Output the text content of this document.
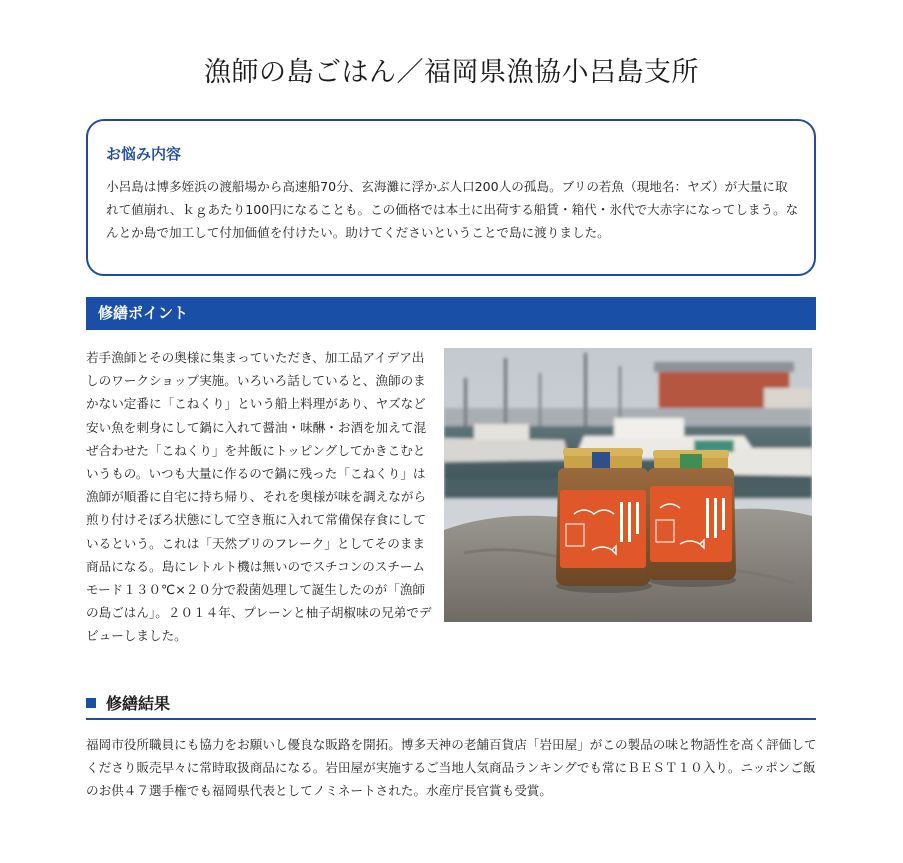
漁師の島ごはん／福岡県漁協小呂島支所
お悩み内容
小呂島は博多姪浜の渡船場から高速船70分、玄海灘に浮かぶ人口200人の孤島。ブリの若魚（現地名：ヤズ）が大量に取れて値崩れ、ｋｇあたり100円になることも。この価格では本土に出荷する船賃・箱代・氷代で大赤字になってしまう。なんとか島で加工して付加価値を付けたい。助けてくださいということで島に渡りました。
修繕ポイント
若手漁師とその奥様に集まっていただき、加工品アイデア出しのワークショップ実施。いろいろ話していると、漁師のまかない定番に「こねくり」という船上料理があり、ヤズなど安い魚を刺身にして鍋に入れて醤油・味醂・お酒を加えて混ぜ合わせた「こねくり」を丼飯にトッピングしてかきこむというもの。いつも大量に作るので鍋に残った「こねくり」は漁師が順番に自宅に持ち帰り、それを奥様が味を調えながら煎り付けそぼろ状態にして空き瓶に入れて常備保存食にしているという。これは「天然ブリのフレーク」としてそのまま商品になる。島にレトルト機は無いのでスチコンのスチームモード１３０℃×２０分で殺菌処理して誕生したのが「漁師の島ごはん」。２０１４年、プレーンと柚子胡椒味の兄弟でデビューしました。
修繕結果
福岡市役所職員にも協力をお願いし優良な販路を開拓。博多天神の老舗百貨店「岩田屋」がこの製品の味と物語性を高く評価してくださり販売早々に常時取扱商品になる。岩田屋が実施するご当地人気商品ランキングでも常にＢＥＳＴ１０入り。ニッポンご飯のお供４７選手権でも福岡県代表としてノミネートされた。水産庁長官賞も受賞。
